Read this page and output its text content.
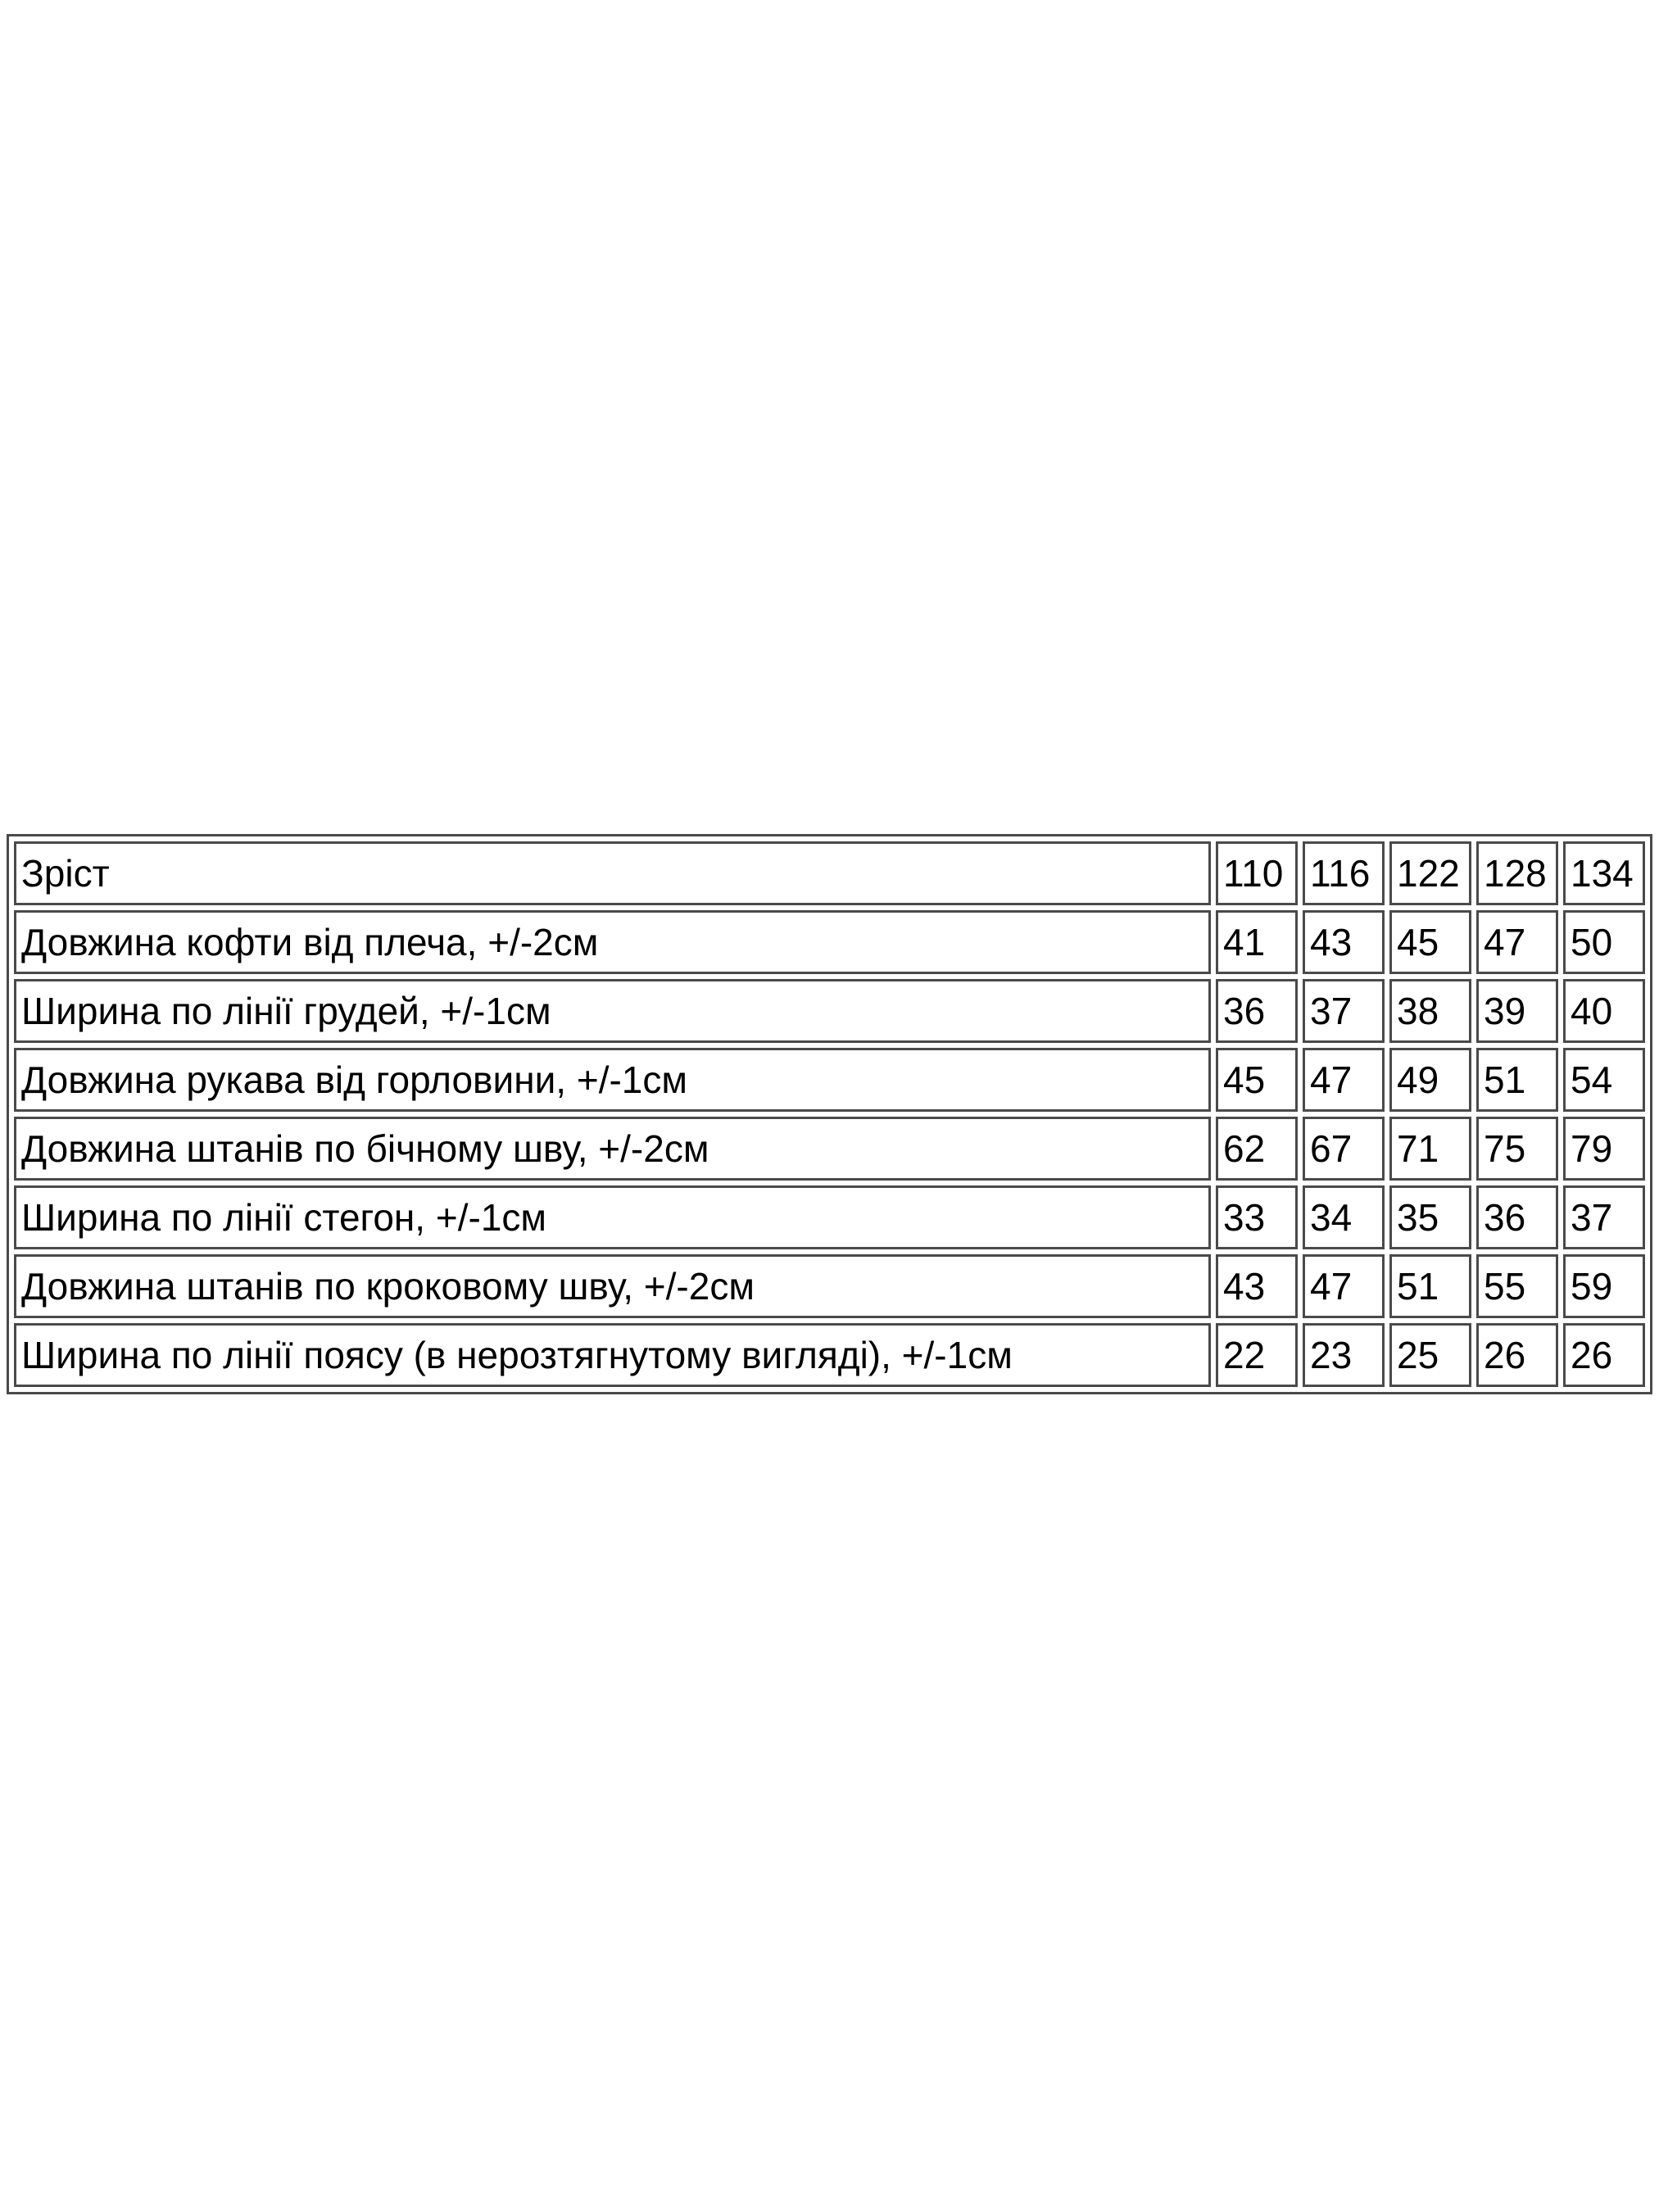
Зріст	110	116	122	128	134
Довжина кофти від плеча, +/-2см	41	43	45	47	50
Ширина по лінії грудей, +/-1см	36	37	38	39	40
Довжина рукава від горловини, +/-1см	45	47	49	51	54
Довжина штанів по бічному шву, +/-2см	62	67	71	75	79
Ширина по лінії стегон, +/-1см	33	34	35	36	37
Довжина штанів по кроковому шву, +/-2см	43	47	51	55	59
Ширина по лінії поясу (в нерозтягнутому вигляді), +/-1см	22	23	25	26	26
